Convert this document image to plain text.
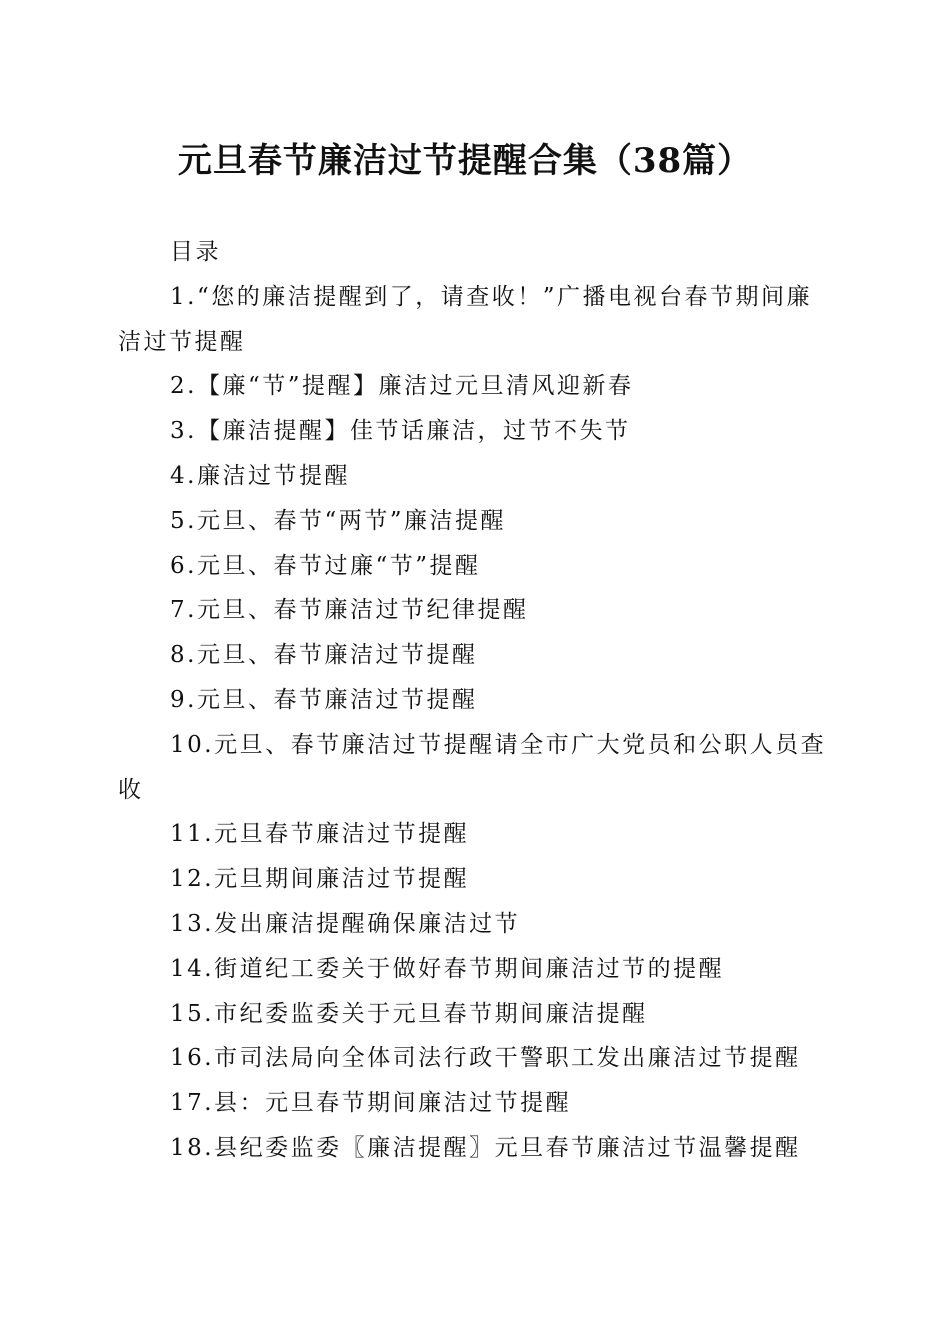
元旦春节廉洁过节提醒合集（38篇）

目录

1.“您的廉洁提醒到了，请查收！”广播电视台春节期间廉洁过节提醒

2.【廉“节”提醒】廉洁过元旦清风迎新春

3.【廉洁提醒】佳节话廉洁，过节不失节

4.廉洁过节提醒

5.元旦、春节“两节”廉洁提醒

6.元旦、春节过廉“节”提醒

7.元旦、春节廉洁过节纪律提醒

8.元旦、春节廉洁过节提醒

9.元旦、春节廉洁过节提醒

10.元旦、春节廉洁过节提醒请全市广大党员和公职人员查收

11.元旦春节廉洁过节提醒

12.元旦期间廉洁过节提醒

13.发出廉洁提醒确保廉洁过节

14.街道纪工委关于做好春节期间廉洁过节的提醒

15.市纪委监委关于元旦春节期间廉洁提醒

16.市司法局向全体司法行政干警职工发出廉洁过节提醒

17.县：元旦春节期间廉洁过节提醒

18.县纪委监委〖廉洁提醒〗元旦春节廉洁过节温馨提醒
